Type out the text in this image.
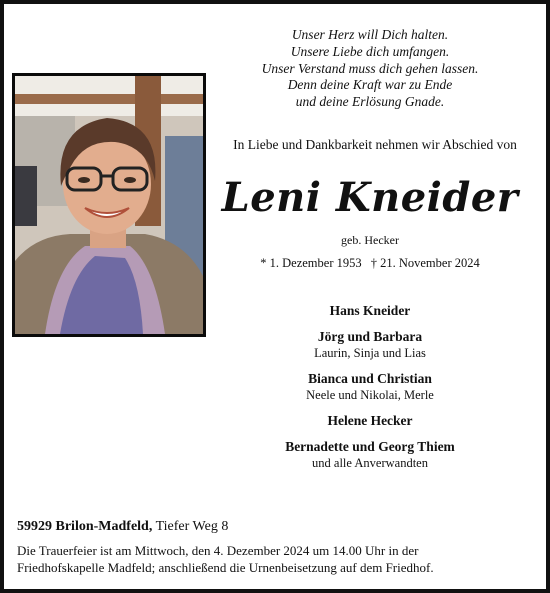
Unser Herz will Dich halten.
Unsere Liebe dich umfangen.
Unser Verstand muss dich gehen lassen.
Denn deine Kraft war zu Ende
und deine Erlösung Gnade.
In Liebe und Dankbarkeit nehmen wir Abschied von
Leni Kneider
geb. Hecker
* 1. Dezember 1953 † 21. November 2024
Hans Kneider
Jörg und Barbara
Laurin, Sinja und Lias
Bianca und Christian
Neele und Nikolai, Merle
Helene Hecker
Bernadette und Georg Thiem
und alle Anverwandten
59929 Brilon-Madfeld, Tiefer Weg 8
Die Trauerfeier ist am Mittwoch, den 4. Dezember 2024 um 14.00 Uhr in der
Friedhofskapelle Madfeld; anschließend die Urnenbeisetzung auf dem Friedhof.
